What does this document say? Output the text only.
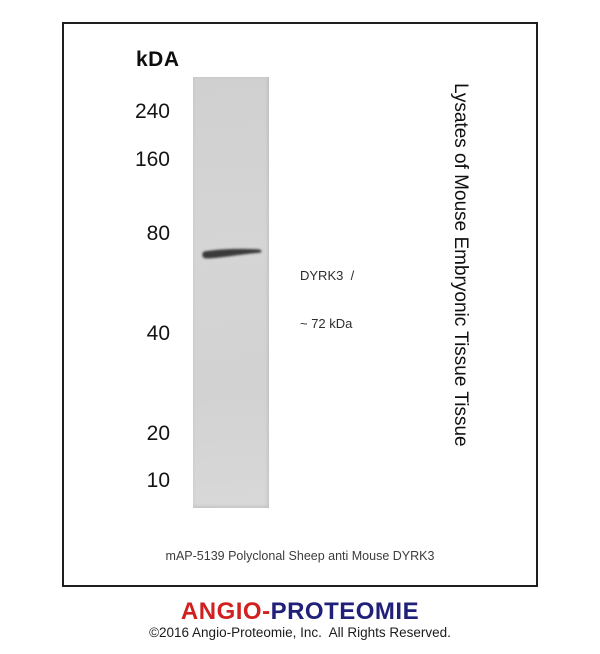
kDA
240
160
80
40
20
10

DYRK3  /

~ 72 kDa

	Lysates of Mouse Embryonic Tissue Tissue
mAP-5139 Polyclonal Sheep anti Mouse DYRK3
ANGIO-PROTEOMIE
©2016 Angio-Proteomie, Inc.  All Rights Reserved.
